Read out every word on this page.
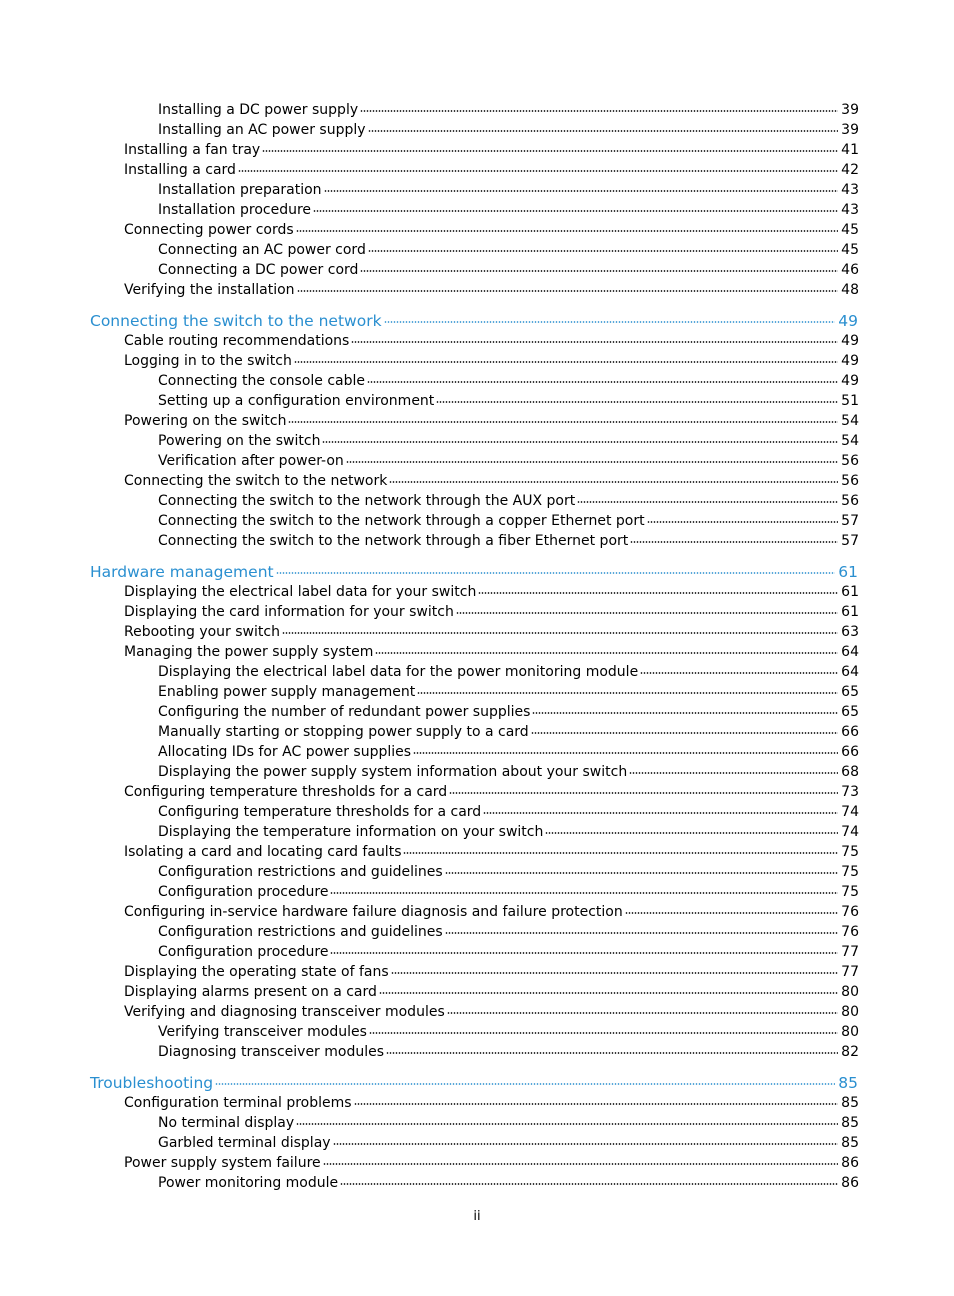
Installing a DC power supply	39
Installing an AC power supply	39
Installing a fan tray	41
Installing a card	42
Installation preparation	43
Installation procedure	43
Connecting power cords	45
Connecting an AC power cord	45
Connecting a DC power cord	46
Verifying the installation	48
Connecting the switch to the network	49
Cable routing recommendations	49
Logging in to the switch	49
Connecting the console cable	49
Setting up a configuration environment	51
Powering on the switch	54
Powering on the switch	54
Verification after power-on	56
Connecting the switch to the network	56
Connecting the switch to the network through the AUX port	56
Connecting the switch to the network through a copper Ethernet port	57
Connecting the switch to the network through a fiber Ethernet port	57
Hardware management	61
Displaying the electrical label data for your switch	61
Displaying the card information for your switch	61
Rebooting your switch	63
Managing the power supply system	64
Displaying the electrical label data for the power monitoring module	64
Enabling power supply management	65
Configuring the number of redundant power supplies	65
Manually starting or stopping power supply to a card	66
Allocating IDs for AC power supplies	66
Displaying the power supply system information about your switch	68
Configuring temperature thresholds for a card	73
Configuring temperature thresholds for a card	74
Displaying the temperature information on your switch	74
Isolating a card and locating card faults	75
Configuration restrictions and guidelines	75
Configuration procedure	75
Configuring in-service hardware failure diagnosis and failure protection	76
Configuration restrictions and guidelines	76
Configuration procedure	77
Displaying the operating state of fans	77
Displaying alarms present on a card	80
Verifying and diagnosing transceiver modules	80
Verifying transceiver modules	80
Diagnosing transceiver modules	82
Troubleshooting	85
Configuration terminal problems	85
No terminal display	85
Garbled terminal display	85
Power supply system failure	86
Power monitoring module	86
ii
